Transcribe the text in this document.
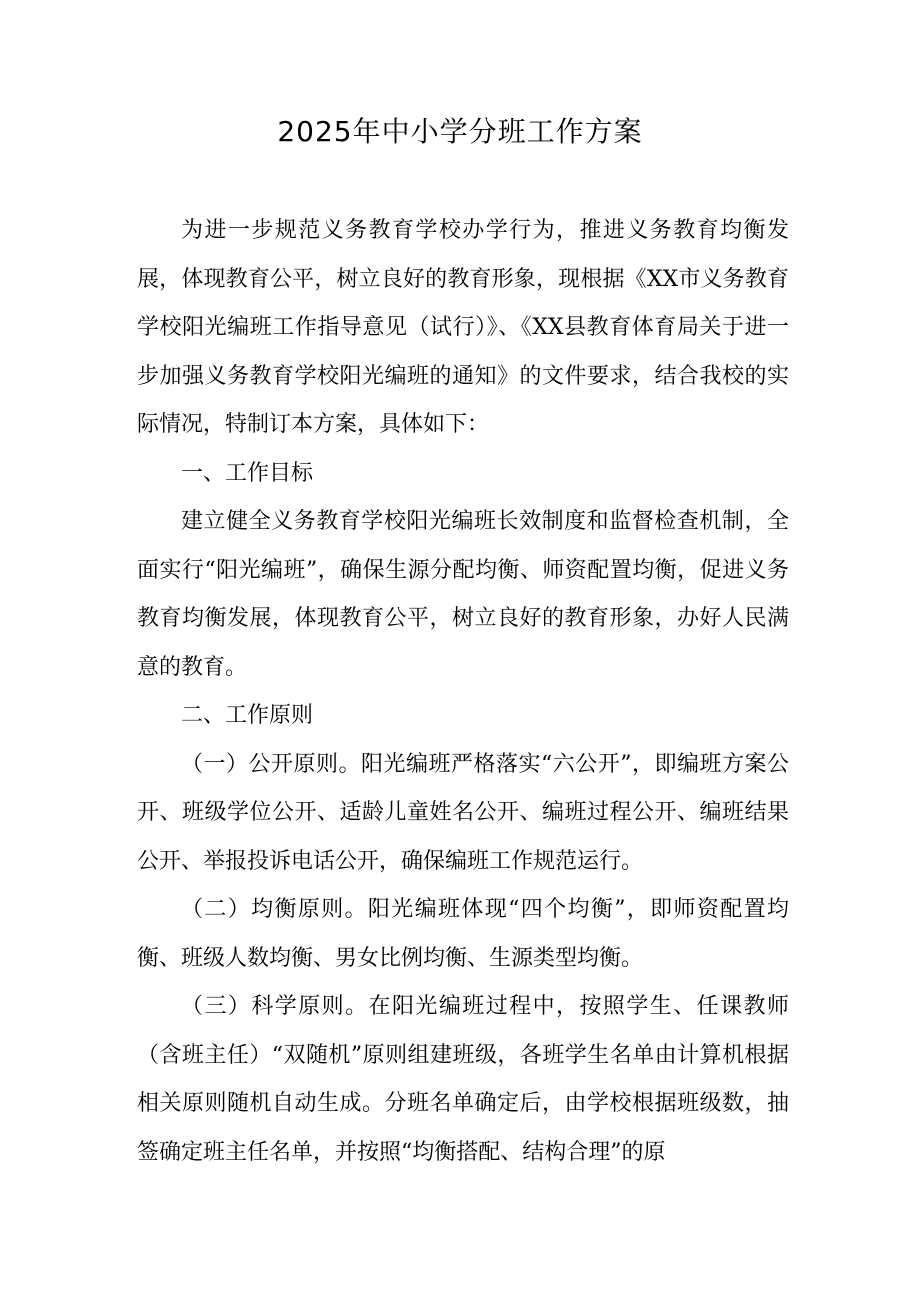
2025年中小学分班工作方案

为进一步规范义务教育学校办学行为，推进义务教育均衡发展，体现教育公平，树立良好的教育形象，现根据《XX市义务教育学校阳光编班工作指导意见（试行）》、《XX县教育体育局关于进一步加强义务教育学校阳光编班的通知》的文件要求，结合我校的实际情况，特制订本方案，具体如下：

一、工作目标

建立健全义务教育学校阳光编班长效制度和监督检查机制，全面实行“阳光编班”，确保生源分配均衡、师资配置均衡，促进义务教育均衡发展，体现教育公平，树立良好的教育形象，办好人民满意的教育。

二、工作原则

（一）公开原则。阳光编班严格落实“六公开”，即编班方案公开、班级学位公开、适龄儿童姓名公开、编班过程公开、编班结果公开、举报投诉电话公开，确保编班工作规范运行。

（二）均衡原则。阳光编班体现“四个均衡”，即师资配置均衡、班级人数均衡、男女比例均衡、生源类型均衡。

（三）科学原则。在阳光编班过程中，按照学生、任课教师（含班主任）“双随机”原则组建班级，各班学生名单由计算机根据相关原则随机自动生成。分班名单确定后，由学校根据班级数，抽签确定班主任名单，并按照“均衡搭配、结构合理”的原
